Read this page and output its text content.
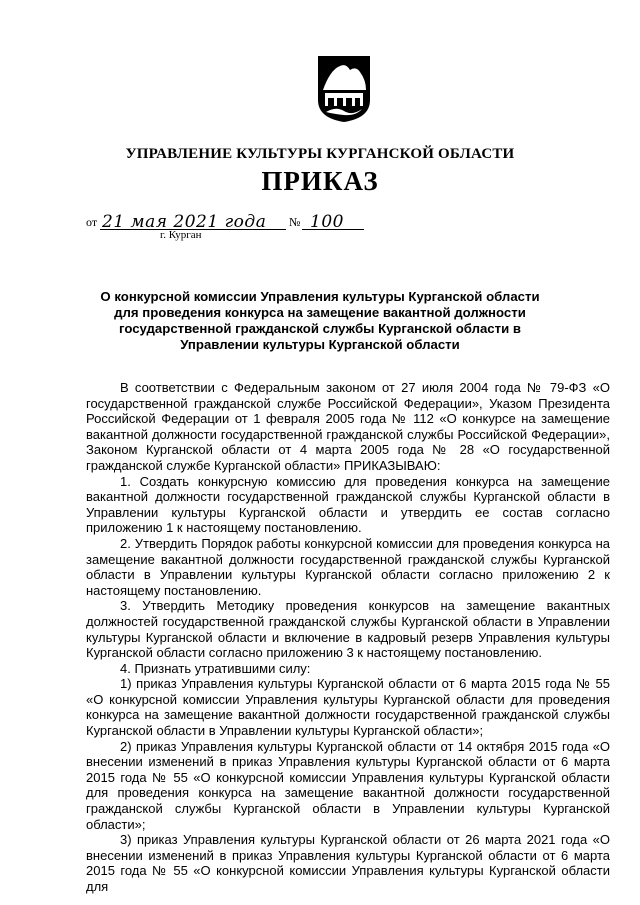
УПРАВЛЕНИЕ КУЛЬТУРЫ КУРГАНСКОЙ ОБЛАСТИ
ПРИКАЗ
от 21 мая 2021 года № 100
г. Курган
О конкурсной комиссии Управления культуры Курганской области для проведения конкурса на замещение вакантной должности государственной гражданской службы Курганской области в Управлении культуры Курганской области

В соответствии с Федеральным законом от 27 июля 2004 года № 79-ФЗ «О государственной гражданской службе Российской Федерации», Указом Президента Российской Федерации от 1 февраля 2005 года № 112 «О конкурсе на замещение вакантной должности государственной гражданской службы Российской Федерации», Законом Курганской области от 4 марта 2005 года № 28 «О государственной гражданской службе Курганской области» ПРИКАЗЫВАЮ:

1. Создать конкурсную комиссию для проведения конкурса на замещение вакантной должности государственной гражданской службы Курганской области в Управлении культуры Курганской области и утвердить ее состав согласно приложению 1 к настоящему постановлению.

2. Утвердить Порядок работы конкурсной комиссии для проведения конкурса на замещение вакантной должности государственной гражданской службы Курганской области в Управлении культуры Курганской области согласно приложению 2 к настоящему постановлению.

3. Утвердить Методику проведения конкурсов на замещение вакантных должностей государственной гражданской службы Курганской области в Управлении культуры Курганской области и включение в кадровый резерв Управления культуры Курганской области согласно приложению 3 к настоящему постановлению.

4. Признать утратившими силу:

1) приказ Управления культуры Курганской области от 6 марта 2015 года № 55 «О конкурсной комиссии Управления культуры Курганской области для проведения конкурса на замещение вакантной должности государственной гражданской службы Курганской области в Управлении культуры Курганской области»;

2) приказ Управления культуры Курганской области от 14 октября 2015 года «О внесении изменений в приказ Управления культуры Курганской области от 6 марта 2015 года № 55 «О конкурсной комиссии Управления культуры Курганской области для проведения конкурса на замещение вакантной должности государственной гражданской службы Курганской области в Управлении культуры Курганской области»;

3) приказ Управления культуры Курганской области от 26 марта 2021 года «О внесении изменений в приказ Управления культуры Курганской области от 6 марта 2015 года № 55 «О конкурсной комиссии Управления культуры Курганской области для
